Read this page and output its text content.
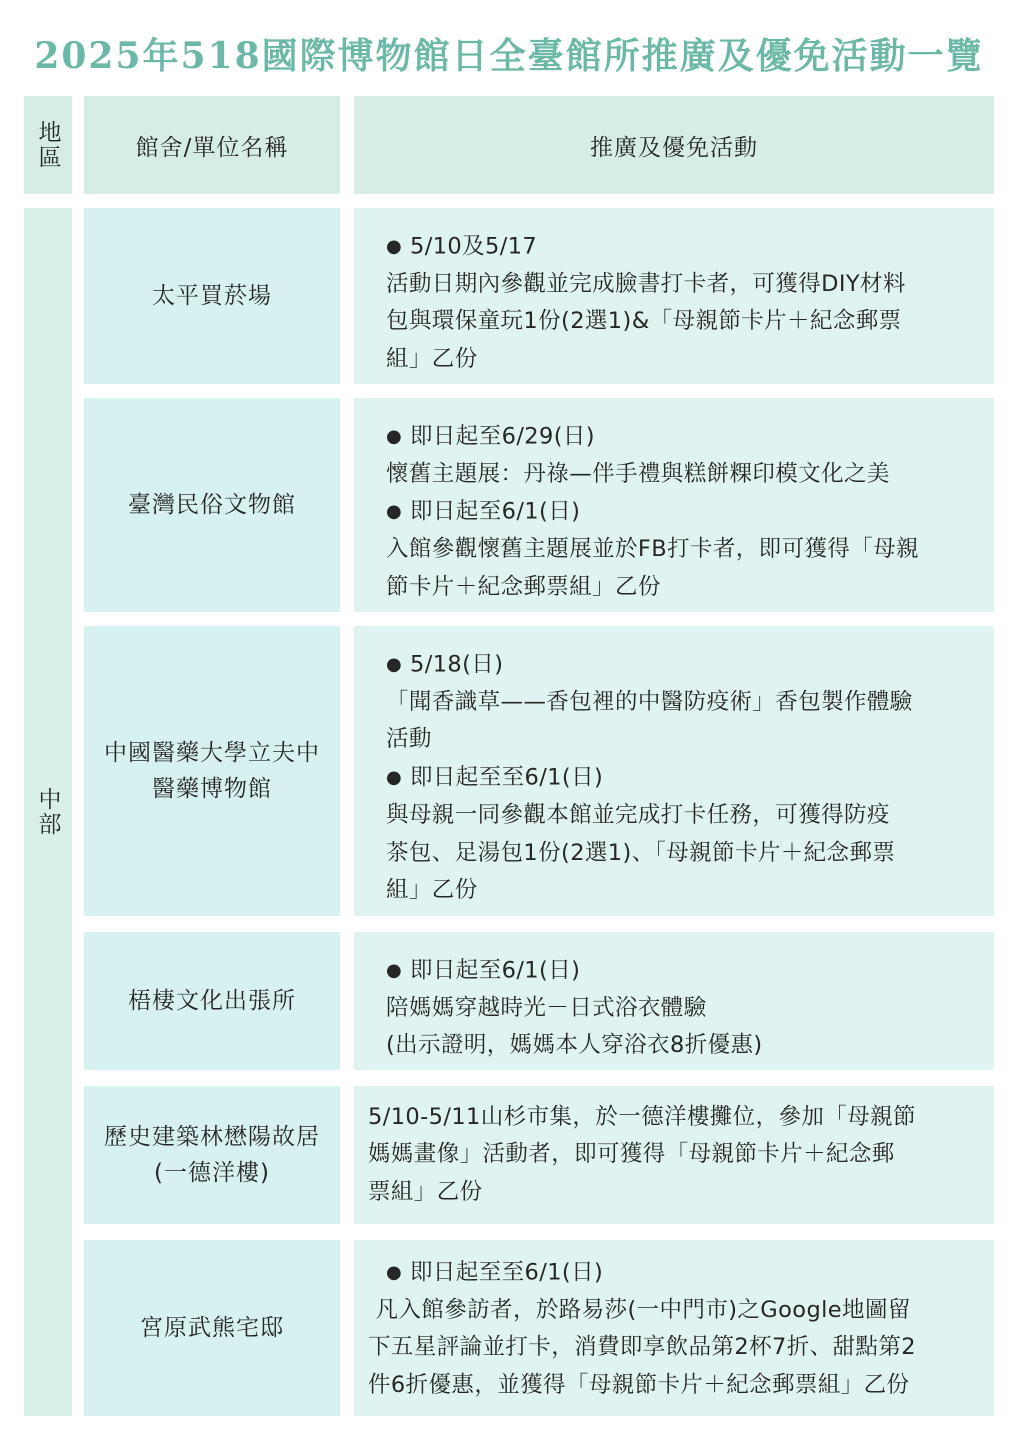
2025年518國際博物館日全臺館所推廣及優免活動一覽
地區	館舍/單位名稱	推廣及優免活動
中部
太平買菸場
● 5/10及5/17
活動日期內參觀並完成臉書打卡者，可獲得DIY材料
包與環保童玩1份(2選1)&「母親節卡片＋紀念郵票
組」乙份
臺灣民俗文物館
● 即日起至6/29(日)
懷舊主題展：丹祿—伴手禮與糕餅粿印模文化之美
● 即日起至6/1(日)
入館參觀懷舊主題展並於FB打卡者，即可獲得「母親
節卡片＋紀念郵票組」乙份
中國醫藥大學立夫中
醫藥博物館
● 5/18(日)
「聞香識草——香包裡的中醫防疫術」香包製作體驗
活動
● 即日起至至6/1(日)
與母親一同參觀本館並完成打卡任務，可獲得防疫
茶包、足湯包1份(2選1)、「母親節卡片＋紀念郵票
組」乙份
梧棲文化出張所
● 即日起至6/1(日)
陪媽媽穿越時光－日式浴衣體驗
(出示證明，媽媽本人穿浴衣8折優惠)
歷史建築林懋陽故居
(一德洋樓)
5/10-5/11山杉市集，於一德洋樓攤位，參加「母親節
媽媽畫像」活動者，即可獲得「母親節卡片＋紀念郵
票組」乙份
宮原武熊宅邸
● 即日起至至6/1(日)
凡入館參訪者，於路易莎(一中門市)之Google地圖留
下五星評論並打卡，消費即享飲品第2杯7折、甜點第2
件6折優惠，並獲得「母親節卡片＋紀念郵票組」乙份
